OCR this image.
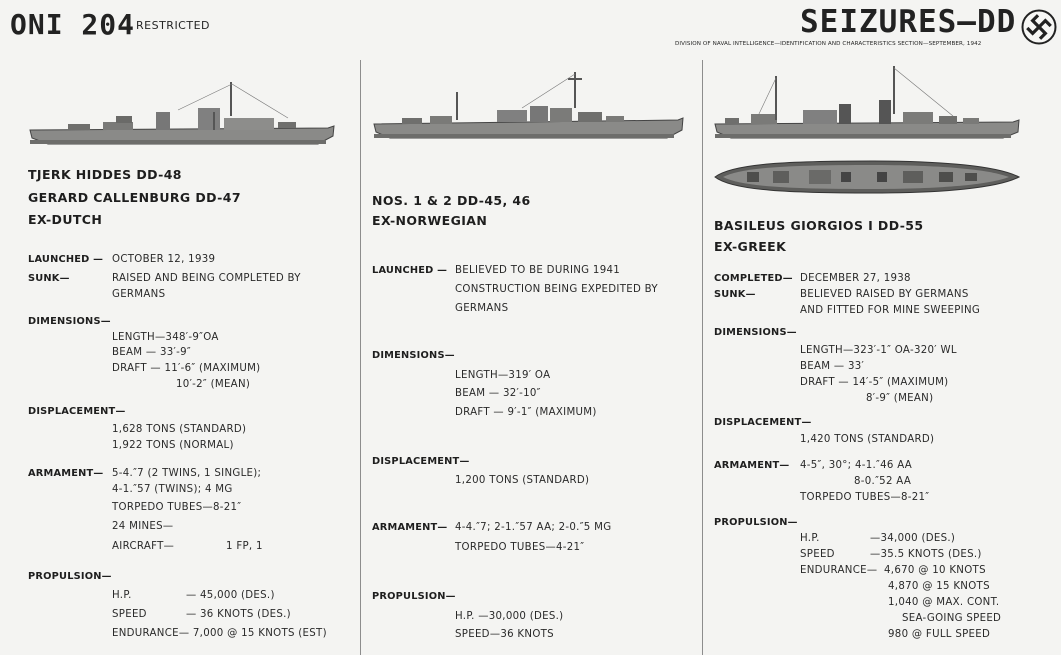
ONI 204 RESTRICTED	SEIZURES—DD
DIVISION OF NAVAL INTELLIGENCE—IDENTIFICATION AND CHARACTERISTICS SECTION—SEPTEMBER, 1942
TJERK HIDDES DD-48
GERARD CALLENBURG DD-47
EX-DUTCH
LAUNCHED — OCTOBER 12, 1939
SUNK—	RAISED AND BEING COMPLETED BY
GERMANS
DIMENSIONS—
LENGTH—348′-9″OA
BEAM — 33′-9″
DRAFT — 11′-6″ (MAXIMUM)
10′-2″ (MEAN)
DISPLACEMENT—
1,628 TONS (STANDARD)
1,922 TONS (NORMAL)
ARMAMENT— 5-4.″7 (2 TWINS, 1 SINGLE);
4-1.″57 (TWINS); 4 MG
TORPEDO TUBES—8-21″
24 MINES—
AIRCRAFT—	1 FP, 1
PROPULSION—
H.P.	— 45,000 (DES.)
SPEED	— 36 KNOTS (DES.)
ENDURANCE— 7,000 @ 15 KNOTS (EST)
NOS. 1 & 2 DD-45, 46
EX-NORWEGIAN
LAUNCHED — BELIEVED TO BE DURING 1941
CONSTRUCTION BEING EXPEDITED BY
GERMANS
DIMENSIONS—
LENGTH—319′ OA
BEAM — 32′-10″
DRAFT — 9′-1″ (MAXIMUM)
DISPLACEMENT—
1,200 TONS (STANDARD)
ARMAMENT— 4-4.″7; 2-1.″57 AA; 2-0.″5 MG
TORPEDO TUBES—4-21″
PROPULSION—
H.P. —30,000 (DES.)
SPEED—36 KNOTS
BASILEUS GIORGIOS I DD-55
EX-GREEK
COMPLETED— DECEMBER 27, 1938
SUNK—	BELIEVED RAISED BY GERMANS
AND FITTED FOR MINE SWEEPING
DIMENSIONS—
LENGTH—323′-1″ OA-320′ WL
BEAM — 33′
DRAFT — 14′-5″ (MAXIMUM)
8′-9″ (MEAN)
DISPLACEMENT—
1,420 TONS (STANDARD)
ARMAMENT— 4-5″, 30°; 4-1.″46 AA
8-0.″52 AA
TORPEDO TUBES—8-21″
PROPULSION—
H.P.	—34,000 (DES.)
SPEED	—35.5 KNOTS (DES.)
ENDURANCE— 4,670 @ 10 KNOTS
4,870 @ 15 KNOTS
1,040 @ MAX. CONT.
SEA-GOING SPEED
980 @ FULL SPEED
